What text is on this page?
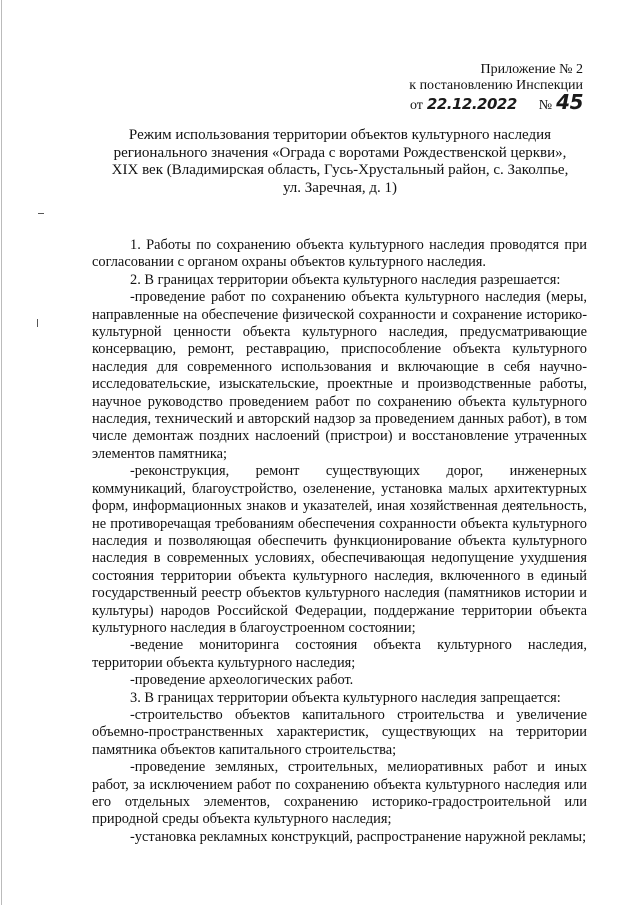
Приложение № 2
к постановлению Инспекции
от 22.12.2022 № 45
Режим использования территории объектов культурного наследия
регионального значения «Ограда с воротами Рождественской церкви»,
XIX век (Владимирская область, Гусь-Хрустальный район, с. Заколпье,
ул. Заречная, д. 1)

1. Работы по сохранению объекта культурного наследия проводятся при согласовании с органом охраны объектов культурного наследия.

2. В границах территории объекта культурного наследия разрешается:

-проведение работ по сохранению объекта культурного наследия (меры, направленные на обеспечение физической сохранности и сохранение историко-культурной ценности объекта культурного наследия, предусматривающие консервацию, ремонт, реставрацию, приспособление объекта культурного наследия для современного использования и включающие в себя научно-исследовательские, изыскательские, проектные и производственные работы, научное руководство проведением работ по сохранению объекта культурного наследия, технический и авторский надзор за проведением данных работ), в том числе демонтаж поздних наслоений (пристрои) и восстановление утраченных элементов памятника;

-реконструкция, ремонт существующих дорог, инженерных коммуникаций, благоустройство, озеленение, установка малых архитектурных форм, информационных знаков и указателей, иная хозяйственная деятельность, не противоречащая требованиям обеспечения сохранности объекта культурного наследия и позволяющая обеспечить функционирование объекта культурного наследия в современных условиях, обеспечивающая недопущение ухудшения состояния территории объекта культурного наследия, включенного в единый государственный реестр объектов культурного наследия (памятников истории и культуры) народов Российской Федерации, поддержание территории объекта культурного наследия в благоустроенном состоянии;

-ведение мониторинга состояния объекта культурного наследия, территории объекта культурного наследия;

-проведение археологических работ.

3. В границах территории объекта культурного наследия запрещается:

-строительство объектов капитального строительства и увеличение объемно-пространственных характеристик, существующих на территории памятника объектов капитального строительства;

-проведение земляных, строительных, мелиоративных работ и иных работ, за исключением работ по сохранению объекта культурного наследия или его отдельных элементов, сохранению историко-градостроительной или природной среды объекта культурного наследия;

-установка рекламных конструкций, распространение наружной рекламы;
